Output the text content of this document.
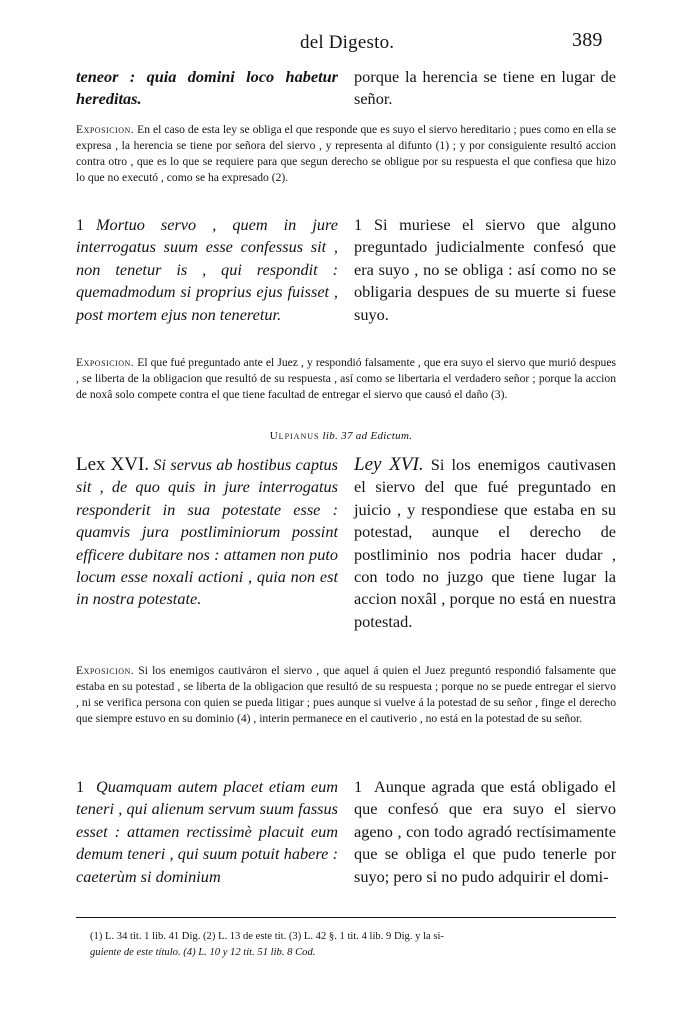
del Digesto.	389
teneor : quia domini loco habetur hereditas.
porque la herencia se tiene en lugar de señor.
Exposicion. En el caso de esta ley se obliga el que responde que es suyo el siervo hereditario ; pues como en ella se expresa , la herencia se tiene por señora del siervo , y representa al difunto (1) ; y por consiguiente resultó accion contra otro , que es lo que se requiere para que segun derecho se obligue por su respuesta el que confiesa que hizo lo que no executó , como se ha expresado (2).
1 Mortuo servo , quem in jure interrogatus suum esse confessus sit , non tenetur is , qui respondit : quemadmodum si proprius ejus fuisset , post mortem ejus non teneretur.
1 Si muriese el siervo que alguno preguntado judicialmente confesó que era suyo , no se obliga : así como no se obligaria despues de su muerte si fuese suyo.
Exposicion. El que fué preguntado ante el Juez , y respondió falsamente , que era suyo el siervo que murió despues , se liberta de la obligacion que resultó de su respuesta , así como se libertaria el verdadero señor ; porque la accion de noxâ solo compete contra el que tiene facultad de entregar el siervo que causó el daño (3).
Ulpianus lib. 37 ad Edictum.
Lex XVI. Si servus ab hostibus captus sit , de quo quis in jure interrogatus responderit in sua potestate esse : quamvis jura postliminiorum possint efficere dubitare nos : attamen non puto locum esse noxali actioni , quia non est in nostra potestate.
Ley XVI. Si los enemigos cautivasen el siervo del que fué preguntado en juicio , y respondiese que estaba en su potestad, aunque el derecho de postliminio nos podria hacer dudar , con todo no juzgo que tiene lugar la accion noxâl , porque no está en nuestra potestad.
Exposicion. Si los enemigos cautiváron el siervo , que aquel á quien el Juez preguntó respondió falsamente que estaba en su potestad , se liberta de la obligacion que resultó de su respuesta ; porque no se puede entregar el siervo , ni se verifica persona con quien se pueda litigar ; pues aunque si vuelve á la potestad de su señor , finge el derecho que siempre estuvo en su dominio (4) , interin permanece en el cautiverio , no está en la potestad de su señor.
1 Quamquam autem placet etiam eum teneri , qui alienum servum suum fassus esset : attamen rectissimè placuit eum demum teneri , qui suum potuit habere : caeterùm si dominium
1 Aunque agrada que está obligado el que confesó que era suyo el siervo ageno , con todo agradó rectísimamente que se obliga el que pudo tenerle por suyo; pero si no pudo adquirir el domi-
(1) L. 34 tit. 1 lib. 41 Dig. (2) L. 13 de este tit. (3) L. 42 §. 1 tit. 4 lib. 9 Dig. y la si-
guiente de este título. (4) L. 10 y 12 tit. 51 lib. 8 Cod.
